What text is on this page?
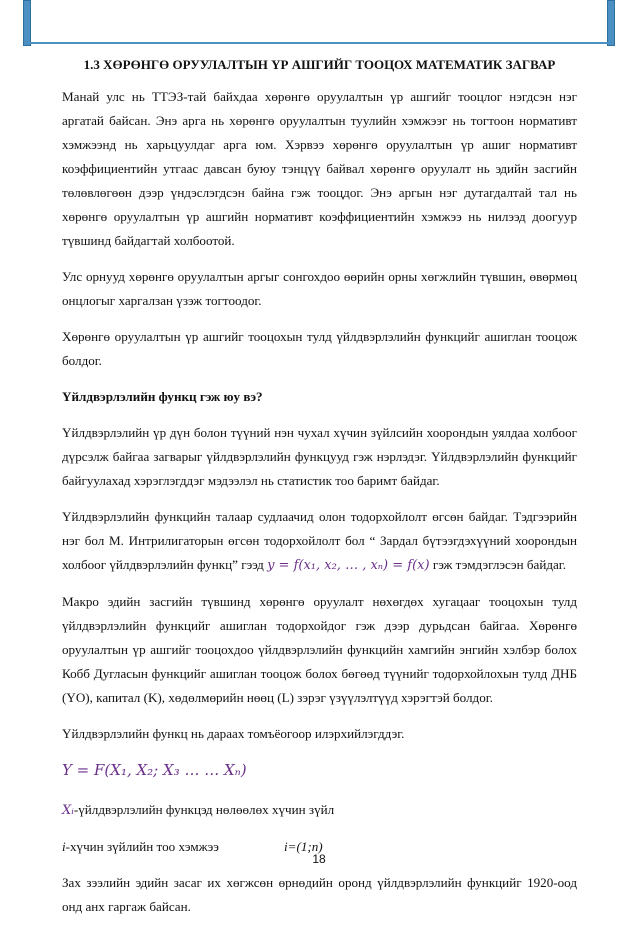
1.3 ХӨРӨНГӨ ОРУУЛАЛТЫН ҮР АШГИЙГ ТООЦОХ МАТЕМАТИК ЗАГВАР

Манай улс нь ТТЭЗ-тай байхдаа хөрөнгө оруулалтын үр ашгийг тооцлог нэгдсэн нэг аргатай байсан. Энэ арга нь хөрөнгө оруулалтын туулийн хэмжээг нь тогтоон нормативт хэмжээнд нь харьцуулдаг арга юм. Хэрвээ хөрөнгө оруулалтын үр ашиг нормативт коэффициентийн утгаас давсан буюу тэнцүү байвал хөрөнгө оруулалт нь эдийн засгийн төлөвлөгөөн дээр үндэслэгдсэн байна гэж тооцдог. Энэ аргын нэг дутагдалтай тал нь хөрөнгө оруулалтын үр ашгийн нормативт коэффициентийн хэмжээ нь нилээд доогуур түвшинд байдагтай холбоотой.

Улс орнууд хөрөнгө оруулалтын аргыг сонгохдоо өөрийн орны хөгжлийн түвшин, өвөрмөц онцлогыг харгалзан үзэж тогтоодог.

Хөрөнгө оруулалтын үр ашгийг тооцохын тулд үйлдвэрлэлийн функцийг ашиглан тооцож болдог.

Үйлдвэрлэлийн функц гэж юу вэ?

Үйлдвэрлэлийн үр дүн болон түүний нэн чухал хүчин зүйлсийн хоорондын уялдаа холбоог дүрсэлж байгаа загварыг үйлдвэрлэлийн функцууд гэж нэрлэдэг. Үйлдвэрлэлийн функцийг байгуулахад хэрэглэгддэг мэдээлэл нь статистик тоо баримт байдаг.

Үйлдвэрлэлийн функцийн талаар судлаачид олон тодорхойлолт өгсөн байдаг. Тэдгээрийн нэг бол М. Интрилигаторын өгсөн тодорхойлолт бол “ Зардал бүтээгдэхүүний хоорондын холбоог үйлдвэрлэлийн функц” гээд y = f(x₁, x₂, … , xₙ) = f(x) гэж тэмдэглэсэн байдаг.

Макро эдийн засгийн түвшинд хөрөнгө оруулалт нөхөгдөх хугацааг тооцохын тулд үйлдвэрлэлийн функцийг ашиглан тодорхойдог гэж дээр дурьдсан байгаа. Хөрөнгө оруулалтын үр ашгийг тооцохдоо үйлдвэрлэлийн функцийн хамгийн энгийн хэлбэр болох Кобб Дугласын функцийг ашиглан тооцож болох бөгөөд түүнийг тодорхойлохын тулд ДНБ (YO), капитал (K), хөдөлмөрийн нөөц (L) зэрэг үзүүлэлтүүд хэрэгтэй болдог.

Үйлдвэрлэлийн функц нь дараах томъёогоор илэрхийлэгддэг.

Y = F(X₁, X₂; X₃ … … Xₙ)

Xᵢ-үйлдвэрлэлийн функцэд нөлөөлөх хүчин зүйл

i-хүчин зүйлийн тоо хэмжээ	i=(1;n)

Зах зээлийн эдийн засаг их хөгжсөн өрнөдийн оронд үйлдвэрлэлийн функцийг 1920-оод онд анх гаргаж байсан.

18
